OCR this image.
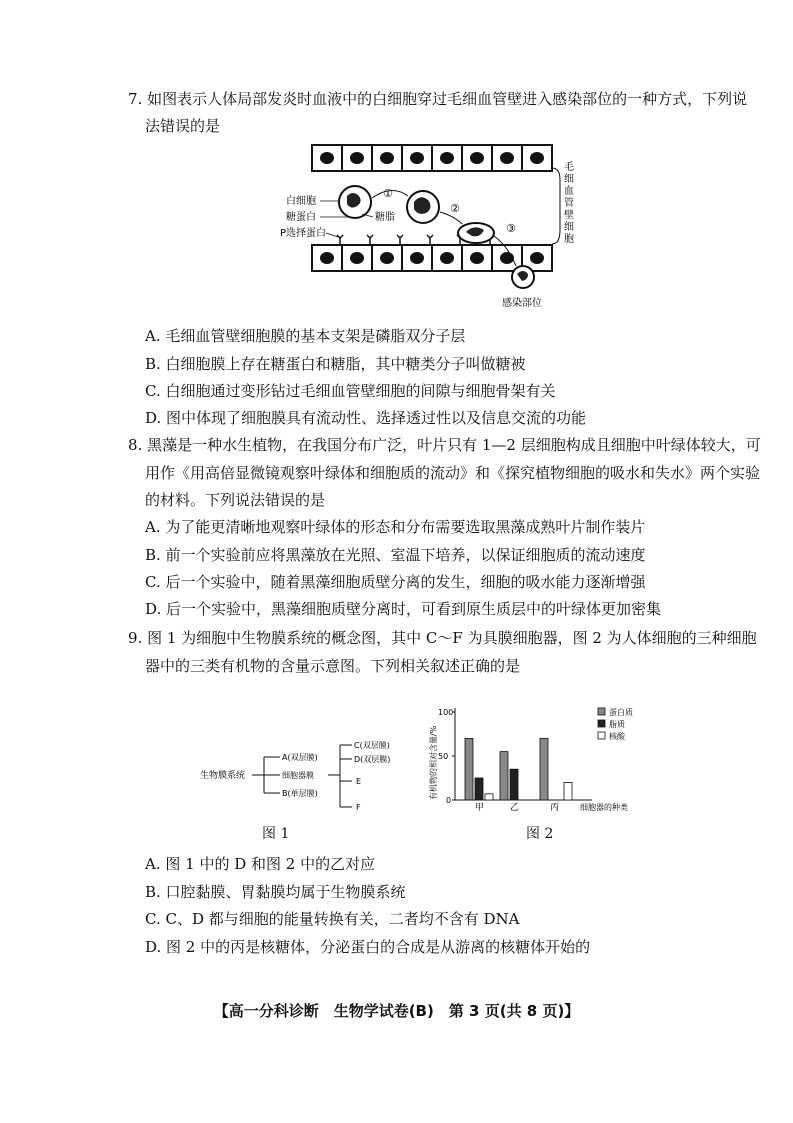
7. 如图表示人体局部发炎时血液中的白细胞穿过毛细血管壁进入感染部位的一种方式，下列说
法错误的是
①
②
③
白细胞
糖蛋白
P选择蛋白
糖脂
毛 细 血 管 壁 细 胞
感染部位
A. 毛细血管壁细胞膜的基本支架是磷脂双分子层
B. 白细胞膜上存在糖蛋白和糖脂，其中糖类分子叫做糖被
C. 白细胞通过变形钻过毛细血管壁细胞的间隙与细胞骨架有关
D. 图中体现了细胞膜具有流动性、选择透过性以及信息交流的功能
8. 黑藻是一种水生植物，在我国分布广泛，叶片只有 1—2 层细胞构成且细胞中叶绿体较大，可
用作《用高倍显微镜观察叶绿体和细胞质的流动》和《探究植物细胞的吸水和失水》两个实验
的材料。下列说法错误的是
A. 为了能更清晰地观察叶绿体的形态和分布需要选取黑藻成熟叶片制作装片
B. 前一个实验前应将黑藻放在光照、室温下培养，以保证细胞质的流动速度
C. 后一个实验中，随着黑藻细胞质壁分离的发生，细胞的吸水能力逐渐增强
D. 后一个实验中，黑藻细胞质壁分离时，可看到原生质层中的叶绿体更加密集
9. 图 1 为细胞中生物膜系统的概念图，其中 C～F 为具膜细胞器，图 2 为人体细胞的三种细胞
器中的三类有机物的含量示意图。下列相关叙述正确的是
生物膜系统
A(双层膜)
细胞器膜
B(单层膜)
C(双层膜)
D(双层膜)
E
F
图 1
有机物的相对含量/%
细胞器的种类
甲	乙	丙
100
50
0
蛋白质
脂质
核酸
图 2
A. 图 1 中的 D 和图 2 中的乙对应
B. 口腔黏膜、胃黏膜均属于生物膜系统
C. C、D 都与细胞的能量转换有关，二者均不含有 DNA
D. 图 2 中的丙是核糖体，分泌蛋白的合成是从游离的核糖体开始的
【高一分科诊断　生物学试卷(B)　第 3 页(共 8 页)】
